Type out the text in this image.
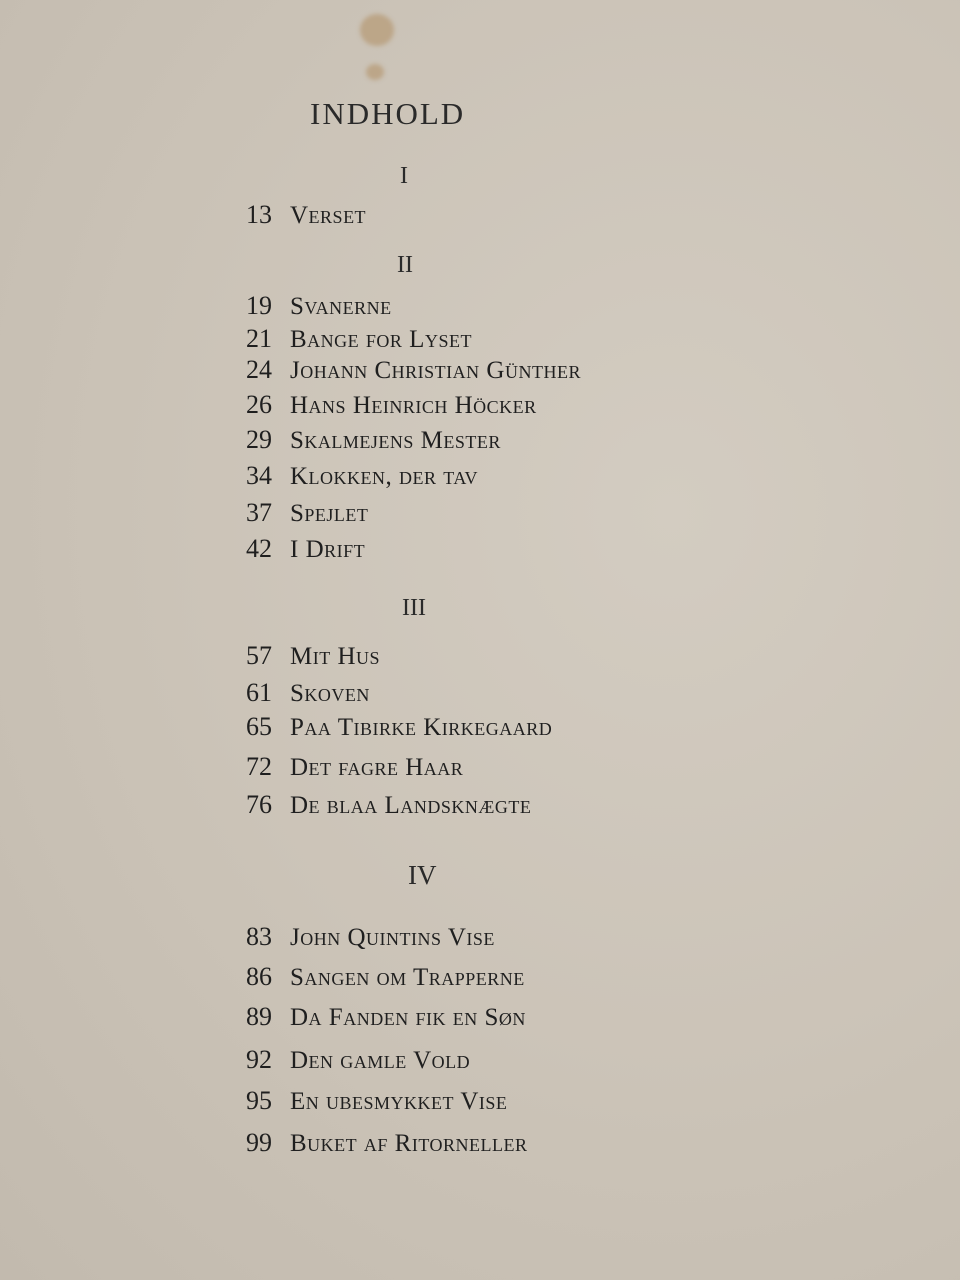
INDHOLD
I
13 Verset
II
19 Svanerne
21 Bange for Lyset
24 Johann Christian Günther
26 Hans Heinrich Höcker
29 Skalmejens Mester
34 Klokken, der tav
37 Spejlet
42 I Drift
III
57 Mit Hus
61 Skoven
65 Paa Tibirke Kirkegaard
72 Det fagre Haar
76 De blaa Landsknægte
IV
83 John Quintins Vise
86 Sangen om Trapperne
89 Da Fanden fik en Søn
92 Den gamle Vold
95 En ubesmykket Vise
99 Buket af Ritorneller
